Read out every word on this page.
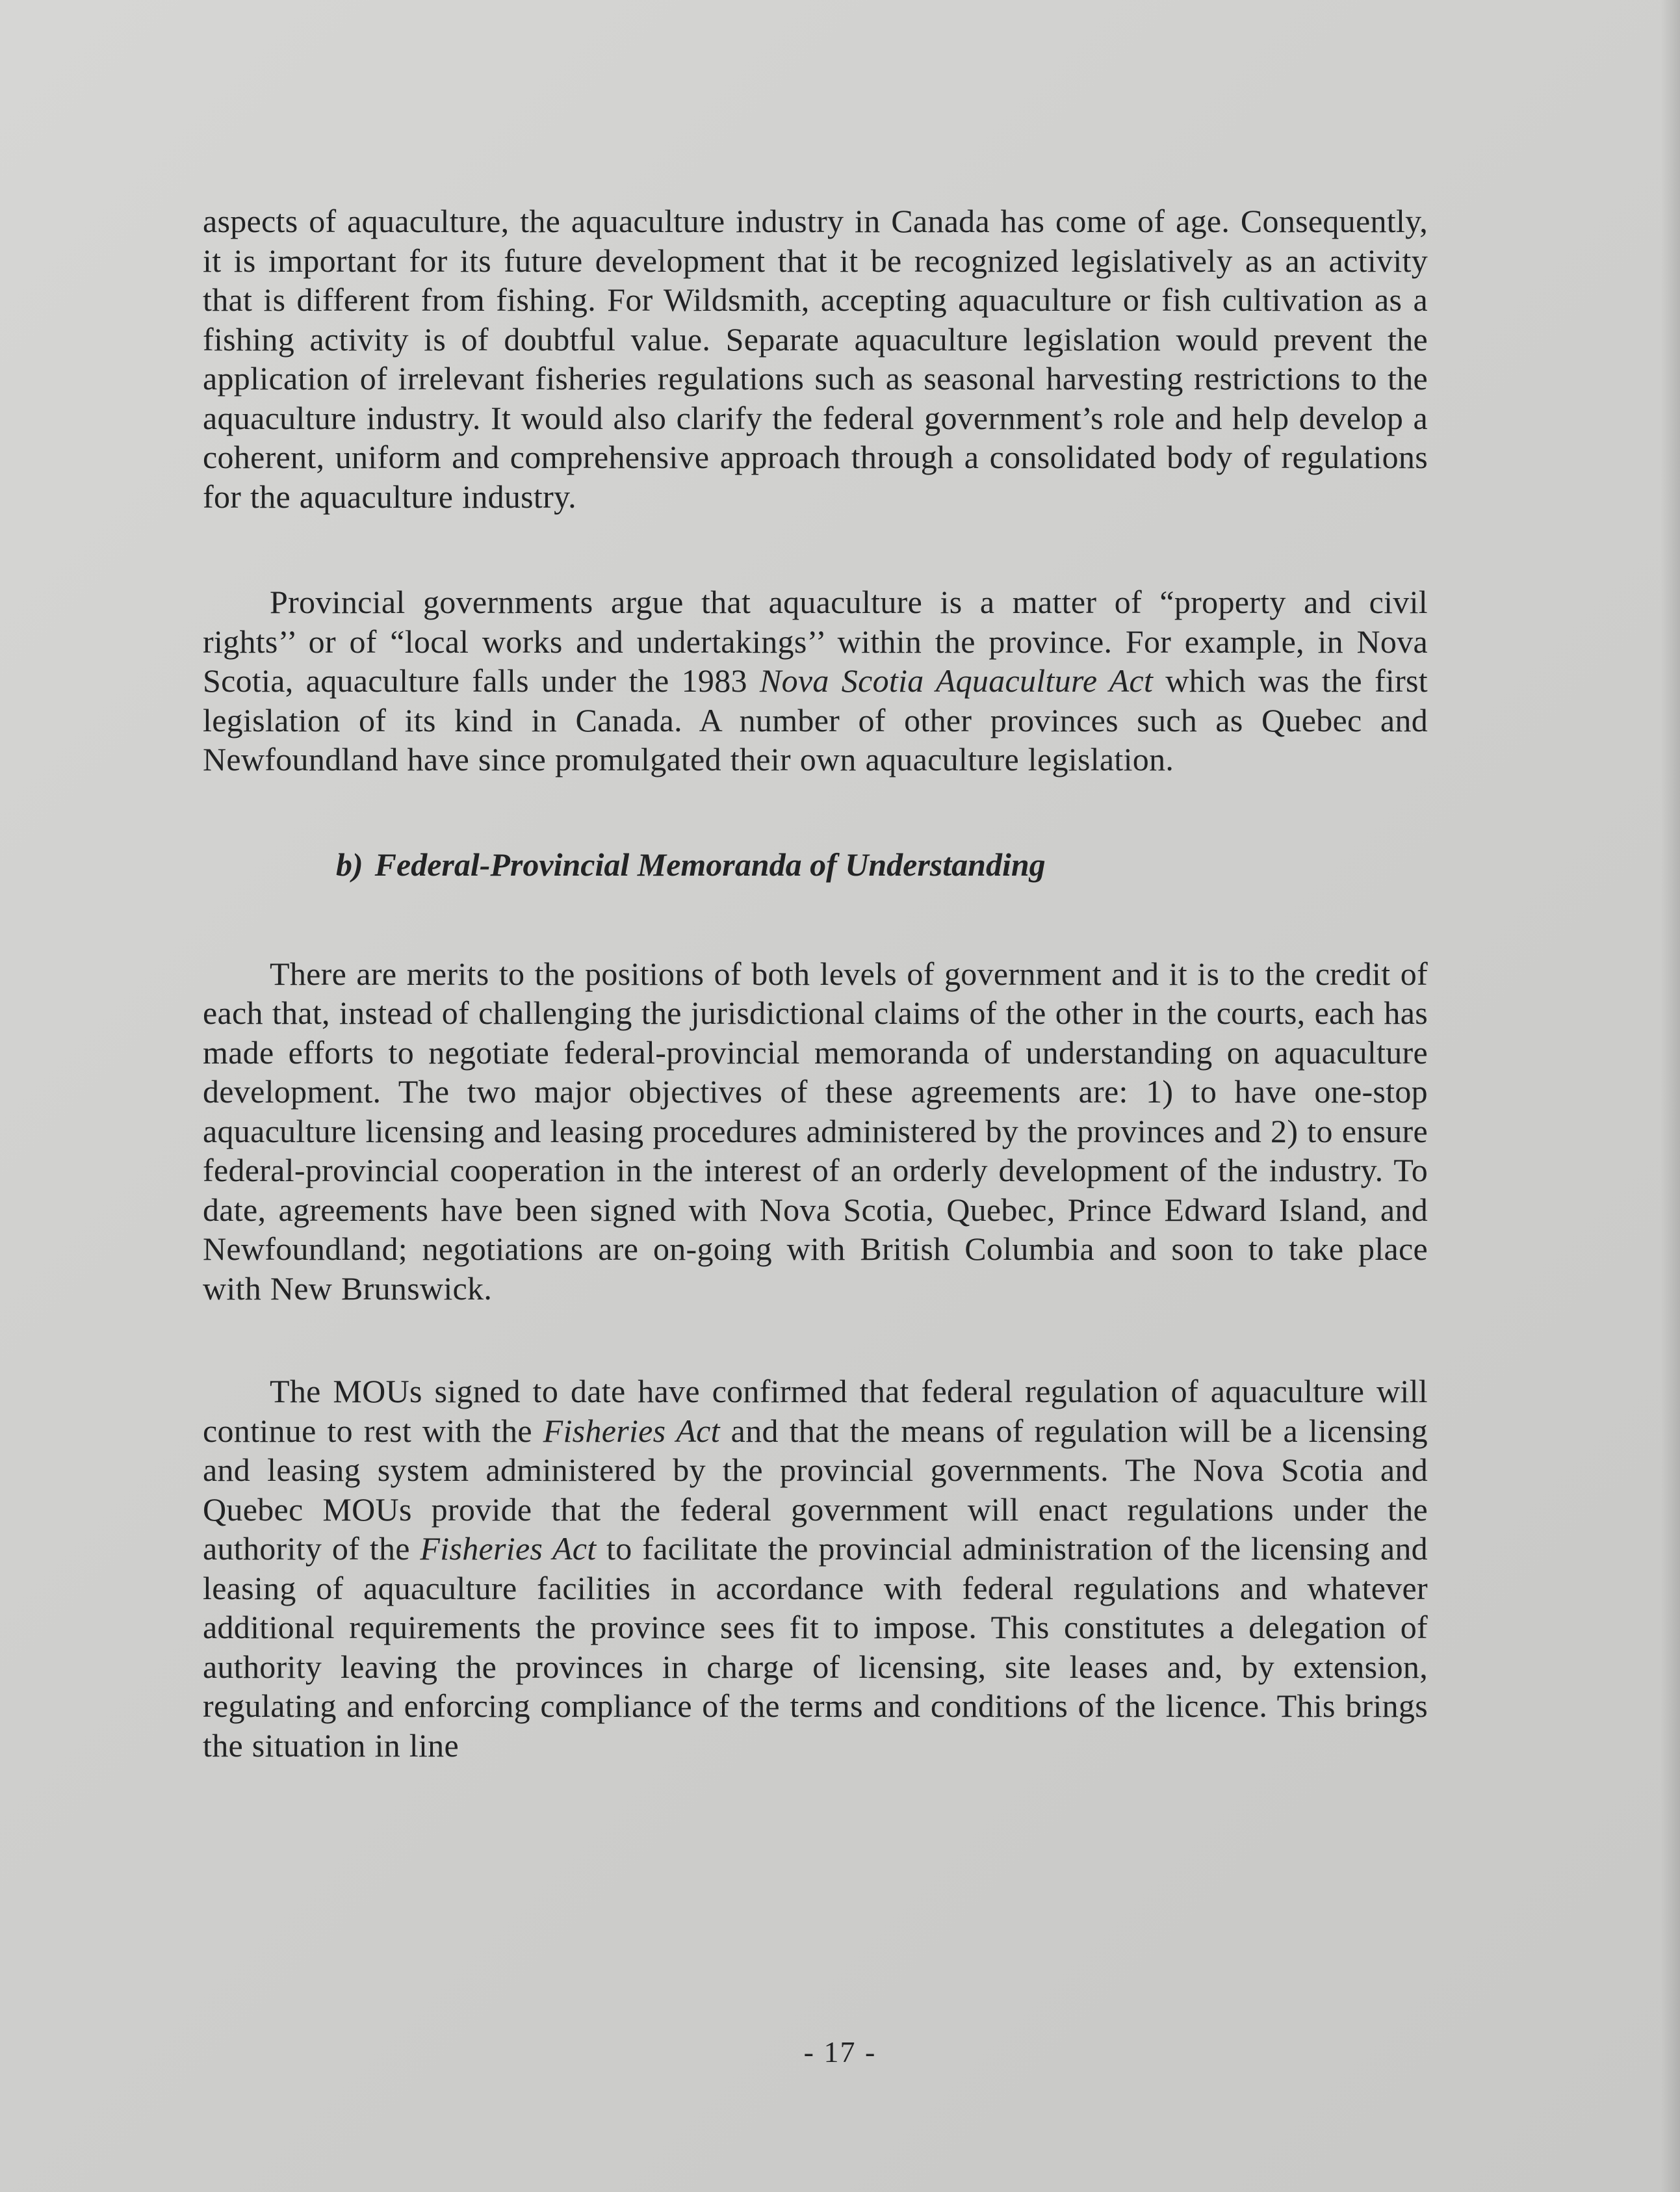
aspects of aquaculture, the aquaculture industry in Canada has come of age. Consequently, it is important for its future development that it be recognized legislatively as an activity that is different from fishing. For Wildsmith, accepting aquaculture or fish cultivation as a fishing activity is of doubtful value. Separate aquaculture legislation would prevent the application of irrelevant fisheries regulations such as seasonal harvesting restrictions to the aquaculture industry. It would also clarify the federal government’s role and help develop a coherent, uniform and comprehensive approach through a consolidated body of regulations for the aquaculture industry.

Provincial governments argue that aquaculture is a matter of “property and civil rights’’ or of “local works and undertakings’’ within the province. For example, in Nova Scotia, aquaculture falls under the 1983 Nova Scotia Aquaculture Act which was the first legislation of its kind in Canada. A number of other provinces such as Quebec and Newfoundland have since promulgated their own aquaculture legislation.

b) Federal-Provincial Memoranda of Understanding

There are merits to the positions of both levels of government and it is to the credit of each that, instead of challenging the jurisdictional claims of the other in the courts, each has made efforts to negotiate federal-provincial memoranda of understanding on aquaculture development. The two major objectives of these agreements are: 1) to have one-stop aquaculture licensing and leasing procedures administered by the provinces and 2) to ensure federal-provincial cooperation in the interest of an orderly development of the industry. To date, agreements have been signed with Nova Scotia, Quebec, Prince Edward Island, and Newfoundland; negotiations are on-going with British Columbia and soon to take place with New Brunswick.

The MOUs signed to date have confirmed that federal regulation of aquaculture will continue to rest with the Fisheries Act and that the means of regulation will be a licensing and leasing system administered by the provincial governments. The Nova Scotia and Quebec MOUs provide that the federal government will enact regulations under the authority of the Fisheries Act to facilitate the provincial administration of the licensing and leasing of aquaculture facilities in accordance with federal regulations and whatever additional requirements the province sees fit to impose. This constitutes a delegation of authority leaving the provinces in charge of licensing, site leases and, by extension, regulating and enforcing compliance of the terms and conditions of the licence. This brings the situation in line

- 17 -
